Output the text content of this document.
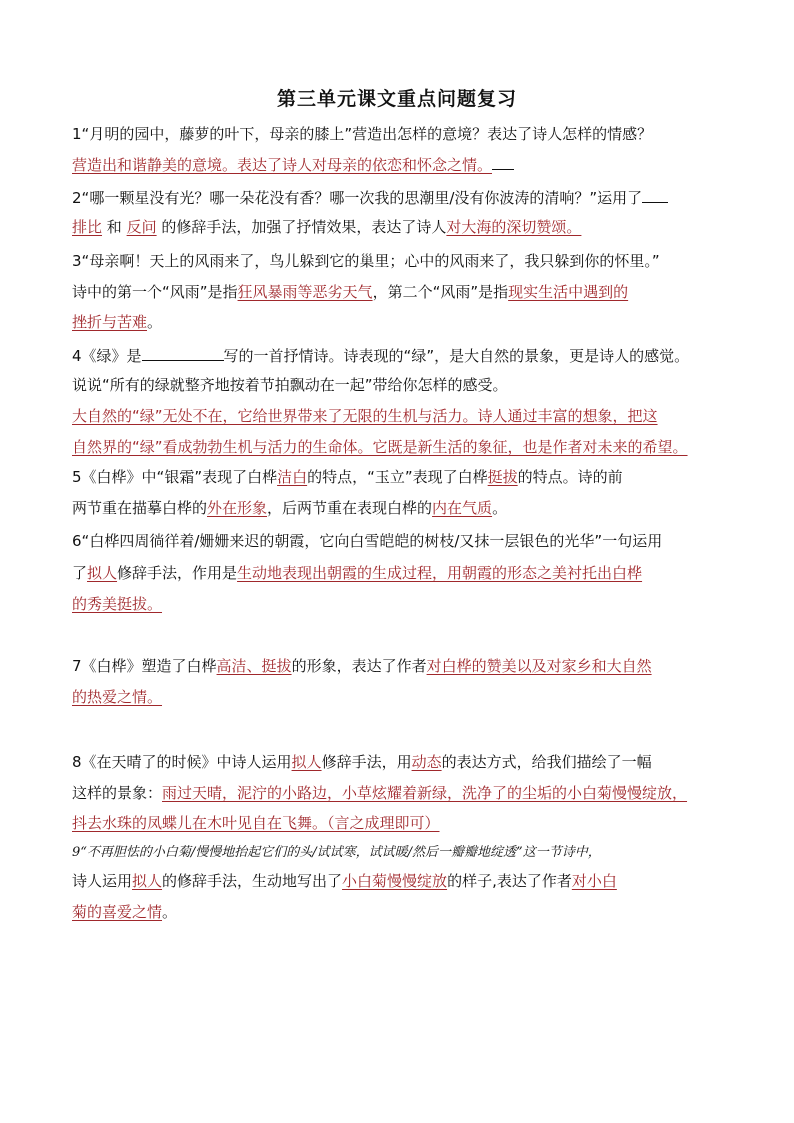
第三单元课文重点问题复习
1“月明的园中，藤萝的叶下，母亲的膝上”营造出怎样的意境？表达了诗人怎样的情感？
营造出和谐静美的意境。表达了诗人对母亲的依恋和怀念之情。
2“哪一颗星没有光？哪一朵花没有香？哪一次我的思潮里/没有你波涛的清响？”运用了
排比 和 反问 的修辞手法，加强了抒情效果，表达了诗人对大海的深切赞颂。
3“母亲啊！天上的风雨来了，鸟儿躲到它的巢里；心中的风雨来了，我只躲到你的怀里。”
诗中的第一个“风雨”是指狂风暴雨等恶劣天气，第二个“风雨”是指现实生活中遇到的
挫折与苦难。
4《绿》是	写的一首抒情诗。诗表现的“绿”，是大自然的景象，更是诗人的感觉。
说说“所有的绿就整齐地按着节拍飘动在一起”带给你怎样的感受。
大自然的“绿”无处不在，它给世界带来了无限的生机与活力。诗人通过丰富的想象，把这
自然界的“绿”看成勃勃生机与活力的生命体。它既是新生活的象征，也是作者对未来的希望。
5《白桦》中“银霜”表现了白桦洁白的特点，“玉立”表现了白桦挺拔的特点。诗的前
两节重在描摹白桦的外在形象，后两节重在表现白桦的内在气质。
6“白桦四周徜徉着/姗姗来迟的朝霞，它向白雪皑皑的树枝/又抹一层银色的光华”一句运用
了拟人修辞手法，作用是生动地表现出朝霞的生成过程，用朝霞的形态之美衬托出白桦
的秀美挺拔。
7《白桦》塑造了白桦高洁、挺拔的形象，表达了作者对白桦的赞美以及对家乡和大自然
的热爱之情。
8《在天晴了的时候》中诗人运用拟人修辞手法，用动态的表达方式，给我们描绘了一幅
这样的景象：雨过天晴，泥泞的小路边，小草炫耀着新绿，洗净了的尘垢的小白菊慢慢绽放，
抖去水珠的凤蝶儿在木叶见自在飞舞。（言之成理即可）
9“不再胆怯的小白菊/慢慢地抬起它们的头/试试寒，试试暖/然后一瓣瓣地绽透”这一节诗中，
诗人运用拟人的修辞手法，生动地写出了小白菊慢慢绽放的样子,表达了作者对小白
菊的喜爱之情。
